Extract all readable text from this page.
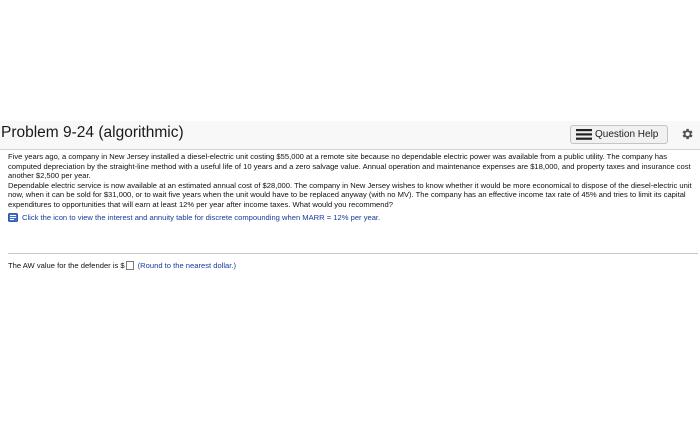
Problem 9-24 (algorithmic)	Question Help

Five years ago, a company in New Jersey installed a diesel-electric unit costing $55,000 at a remote site because no dependable electric power was available from a public utility. The company has computed depreciation by the straight-line method with a useful life of 10 years and a zero salvage value. Annual operation and maintenance expenses are $18,000, and property taxes and insurance cost another $2,500 per year.

Dependable electric service is now available at an estimated annual cost of $28,000. The company in New Jersey wishes to know whether it would be more economical to dispose of the diesel-electric unit now, when it can be sold for $31,000, or to wait five years when the unit would have to be replaced anyway (with no MV). The company has an effective income tax rate of 45% and tries to limit its capital expenditures to opportunities that will earn at least 12% per year after income taxes. What would you recommend?

Click the icon to view the interest and annuity table for discrete compounding when MARR = 12% per year.
The AW value for the defender is $ (Round to the nearest dollar.)
